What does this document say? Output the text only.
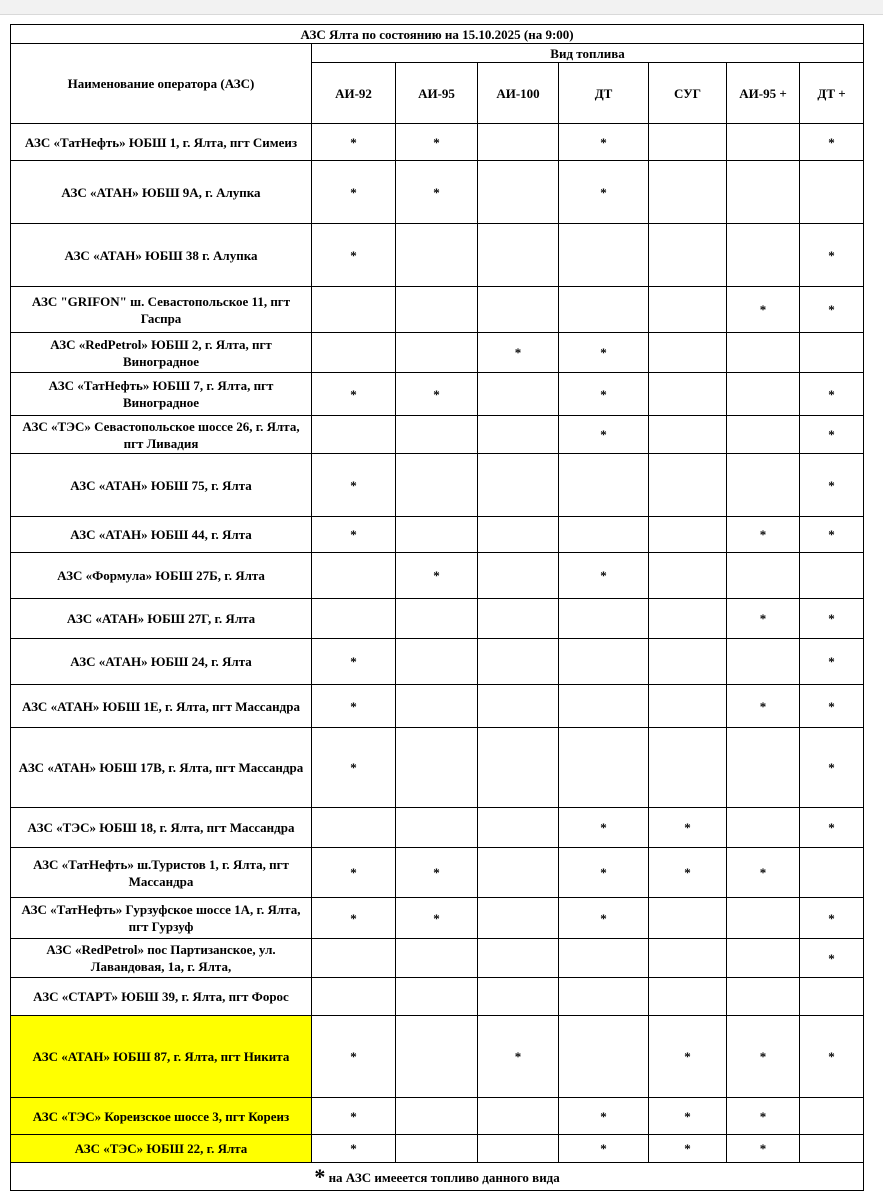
АЗС Ялта по состоянию на 15.10.2025 (на 9:00)							
Наименование оператора (АЗС)	Вид топлива						
	АИ-92	АИ-95	АИ-100	ДТ	СУГ	АИ-95 +	ДТ +
АЗС «ТатНефть» ЮБШ 1, г. Ялта, пгт Симеиз	*	*		*			*
АЗС «АТАН» ЮБШ 9А, г. Алупка	*	*		*			
АЗС «АТАН» ЮБШ 38 г. Алупка	*						*
АЗС "GRIFON" ш. Севастопольское 11, пгт Гаспра						*	*
АЗС «RedPetrol» ЮБШ 2, г. Ялта, пгт Виноградное			*	*			
АЗС «ТатНефть» ЮБШ 7, г. Ялта, пгт Виноградное	*	*		*			*
АЗС «ТЭС» Севастопольское шоссе 26, г. Ялта, пгт Ливадия				*			*
АЗС «АТАН» ЮБШ 75, г. Ялта	*						*
АЗС «АТАН» ЮБШ 44, г. Ялта	*					*	*
АЗС «Формула» ЮБШ 27Б, г. Ялта		*		*			
АЗС «АТАН» ЮБШ 27Г, г. Ялта						*	*
АЗС «АТАН» ЮБШ 24, г. Ялта	*						*
АЗС «АТАН» ЮБШ 1Е, г. Ялта, пгт Массандра	*					*	*
АЗС «АТАН» ЮБШ 17В, г. Ялта, пгт Массандра	*						*
АЗС «ТЭС» ЮБШ 18, г. Ялта, пгт Массандра				*	*		*
АЗС «ТатНефть» ш.Туристов 1, г. Ялта, пгт Массандра	*	*		*	*	*	
АЗС «ТатНефть» Гурзуфское шоссе 1А, г. Ялта, пгт Гурзуф	*	*		*			*
АЗС «RedPetrol» пос Партизанское, ул. Лавандовая, 1а, г. Ялта,							*
АЗС «СТАРТ» ЮБШ 39, г. Ялта, пгт Форос							
АЗС «АТАН» ЮБШ 87, г. Ялта, пгт Никита	*		*		*	*	*
АЗС «ТЭС» Кореизское шоссе 3, пгт Кореиз	*			*	*	*	
АЗС «ТЭС» ЮБШ 22, г. Ялта	*			*	*	*	
* на АЗС имееется топливо данного вида							
